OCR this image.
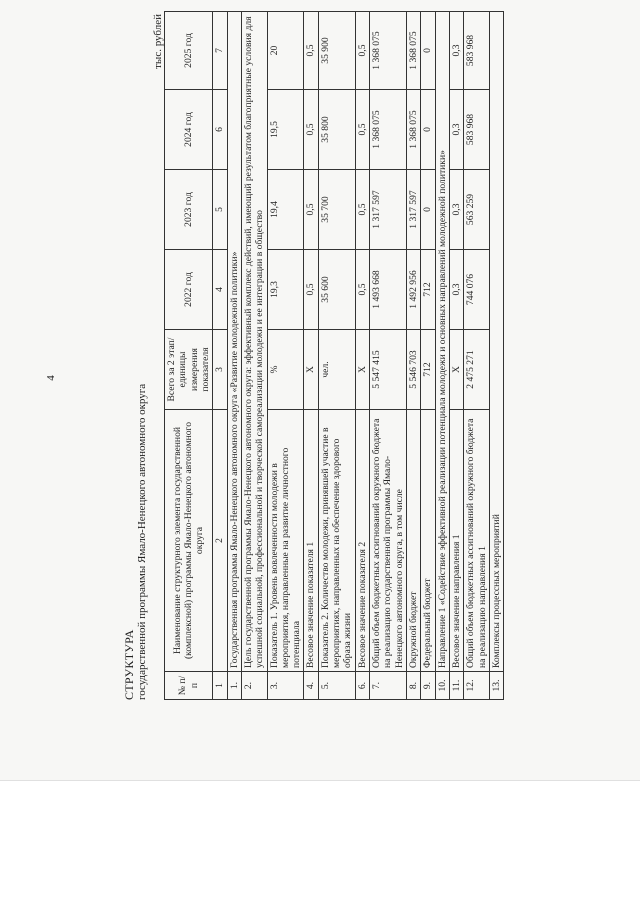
4
СТРУКТУРА государственной программы Ямало-Ненецкого автономного округа
тыс. рублей
№ п/п	Наименование структурного элемента государственной (комплексной) программы Ямало-Ненецкого автономного округа	Всего за 2 этап/ единицы измерения показателя	2022 год	2023 год	2024 год	2025 год
1	2	3	4	5	6	7
1.	Государственная программа Ямало-Ненецкого автономного округа «Развитие молодежной политики»					
2.	Цель государственной программы Ямало-Ненецкого автономного округа: эффективный комплекс действий, имеющий результатом благоприятные условия для успешной социальной, профессиональной и творческой самореализации молодежи и ее интеграции в общество					
3.	Показатель 1. Уровень вовлеченности молодежи в мероприятия, направленные на развитие личностного потенциала	%	19,3	19,4	19,5	20
4.	Весовое значение показателя 1	Х	0,5	0,5	0,5	0,5
5.	Показатель 2. Количество молодежи, принявшей участие в мероприятиях, направленных на обеспечение здорового образа жизни	чел.	35 600	35 700	35 800	35 900
6.	Весовое значение показателя 2	Х	0,5	0,5	0,5	0,5
7.	Общий объем бюджетных ассигнований окружного бюджета на реализацию государственной программы Ямало-Ненецкого автономного округа, в том числе	5 547 415	1 493 668	1 317 597	1 368 075	1 368 075
8.	Окружной бюджет	5 546 703	1 492 956	1 317 597	1 368 075	1 368 075
9.	Федеральный бюджет	712	712	0	0	0
10.	Направление 1 «Содействие эффективной реализации потенциала молодежи и основных направлений молодежной политики»					
11.	Весовое значение направления 1	Х	0,3	0,3	0,3	0,3
12.	Общий объем бюджетных ассигнований окружного бюджета на реализацию направления 1	2 475 271	744 076	563 259	583 968	583 968
13.	Комплексы процессных мероприятий					
